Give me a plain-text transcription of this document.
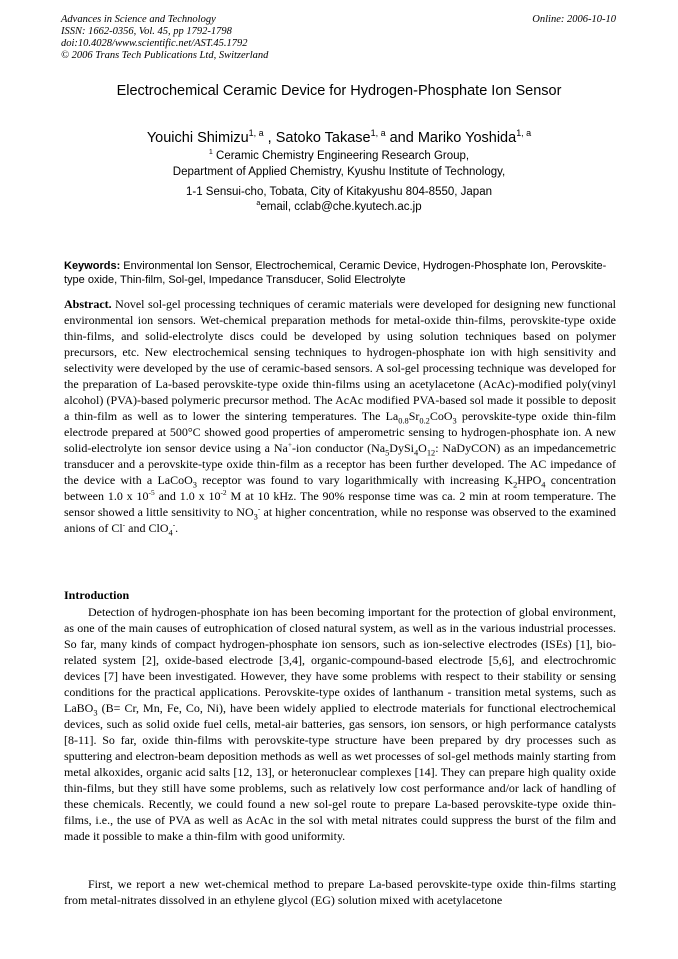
Advances in Science and Technology
ISSN: 1662-0356, Vol. 45, pp 1792-1798
doi:10.4028/www.scientific.net/AST.45.1792
© 2006 Trans Tech Publications Ltd, Switzerland
Online: 2006-10-10
Electrochemical Ceramic Device for Hydrogen-Phosphate Ion Sensor
Youichi Shimizu$^{1, a}$ , Satoko Takase$^{1, a}$ and Mariko Yoshida$^{1, a}$
$^1$ Ceramic Chemistry Engineering Research Group,
Department of Applied Chemistry, Kyushu Institute of Technology,
1-1 Sensui-cho, Tobata, City of Kitakyushu 804-8550, Japan
$^a$email, cclab@che.kyutech.ac.jp
Keywords: Environmental Ion Sensor, Electrochemical, Ceramic Device, Hydrogen-Phosphate Ion, Perovskite-type oxide, Thin-film, Sol-gel, Impedance Transducer, Solid Electrolyte
Abstract. Novel sol-gel processing techniques of ceramic materials were developed for designing new functional environmental ion sensors. Wet-chemical preparation methods for metal-oxide thin-films, perovskite-type oxide thin-films, and solid-electrolyte discs could be developed by using solution techniques based on polymer precursors, etc. New electrochemical sensing techniques to hydrogen-phosphate ion with high sensitivity and selectivity were developed by the use of ceramic-based sensors. A sol-gel processing technique was developed for the preparation of La-based perovskite-type oxide thin-films using an acetylacetone (AcAc)-modified poly(vinyl alcohol) (PVA)-based polymeric precursor method. The AcAc modified PVA-based sol made it possible to deposit a thin-film as well as to lower the sintering temperatures. The $La_{0.8}Sr_{0.2}CoO_3$ perovskite-type oxide thin-film electrode prepared at 500°C showed good properties of amperometric sensing to hydrogen-phosphate ion. A new solid-electrolyte ion sensor device using a Na+-ion conductor ($Na_5DySi_4O_{12}$: NaDyCON) as an impedancemetric transducer and a perovskite-type oxide thin-film as a receptor has been further developed. The AC impedance of the device with a LaCoO$_3$ receptor was found to vary logarithmically with increasing $K_2HPO_4$ concentration between 1.0 x $10^{-5}$ and 1.0 x $10^{-2}$ M at 10 kHz. The 90% response time was ca. 2 min at room temperature. The sensor showed a little sensitivity to $NO_3^-$ at higher concentration, while no response was observed to the examined anions of Cl- and ClO$_4$-.
Introduction
Detection of hydrogen-phosphate ion has been becoming important for the protection of global environment, as one of the main causes of eutrophication of closed natural system, as well as in the various industrial processes. So far, many kinds of compact hydrogen-phosphate ion sensors, such as ion-selective electrodes (ISEs) [1], bio-related system [2], oxide-based electrode [3,4], organic-compound-based electrode [5,6], and electrochromic devices [7] have been investigated. However, they have some problems with respect to their stability or sensing conditions for the practical applications. Perovskite-type oxides of lanthanum - transition metal systems, such as LaBO$_3$ (B= Cr, Mn, Fe, Co, Ni), have been widely applied to electrode materials for functional electrochemical devices, such as solid oxide fuel cells, metal-air batteries, gas sensors, ion sensors, or high performance catalysts [8-11]. So far, oxide thin-films with perovskite-type structure have been prepared by dry processes such as sputtering and electron-beam deposition methods as well as wet processes of sol-gel methods mainly starting from metal alkoxides, organic acid salts [12, 13], or heteronuclear complexes [14]. They can prepare high quality oxide thin-films, but they still have some problems, such as relatively low cost performance and/or lack of handling of these chemicals. Recently, we could found a new sol-gel route to prepare La-based perovskite-type oxide thin-films, i.e., the use of PVA as well as AcAc in the sol with metal nitrates could suppress the burst of the film and made it possible to make a thin-film with good uniformity.
First, we report a new wet-chemical method to prepare La-based perovskite-type oxide thin-films starting from metal-nitrates dissolved in an ethylene glycol (EG) solution mixed with acetylacetone
